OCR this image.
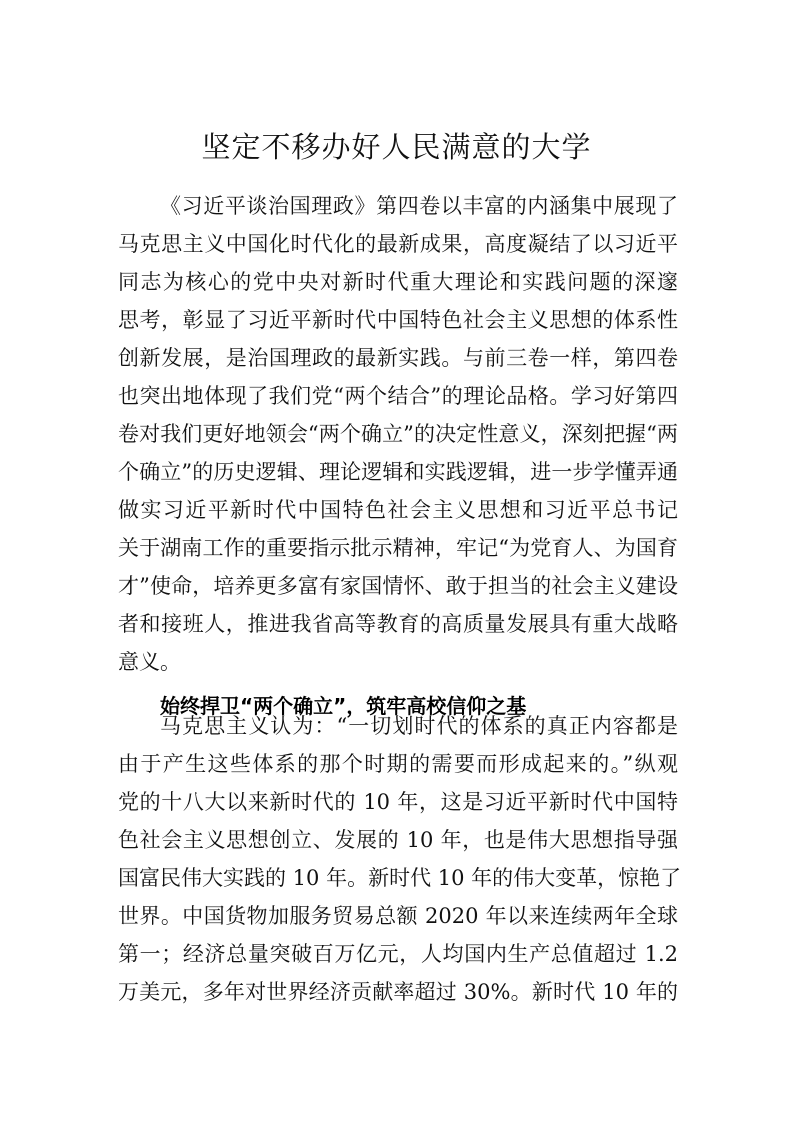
坚定不移办好人民满意的大学
《习近平谈治国理政》第四卷以丰富的内涵集中展现了
马克思主义中国化时代化的最新成果，高度凝结了以习近平
同志为核心的党中央对新时代重大理论和实践问题的深邃
思考，彰显了习近平新时代中国特色社会主义思想的体系性
创新发展，是治国理政的最新实践。与前三卷一样，第四卷
也突出地体现了我们党“两个结合”的理论品格。学习好第四
卷对我们更好地领会“两个确立”的决定性意义，深刻把握“两
个确立”的历史逻辑、理论逻辑和实践逻辑，进一步学懂弄通
做实习近平新时代中国特色社会主义思想和习近平总书记
关于湖南工作的重要指示批示精神，牢记“为党育人、为国育
才”使命，培养更多富有家国情怀、敢于担当的社会主义建设
者和接班人，推进我省高等教育的高质量发展具有重大战略
意义。
始终捍卫“两个确立”，筑牢高校信仰之基
马克思主义认为：“一切划时代的体系的真正内容都是
由于产生这些体系的那个时期的需要而形成起来的。”纵观
党的十八大以来新时代的 10 年，这是习近平新时代中国特
色社会主义思想创立、发展的 10 年，也是伟大思想指导强
国富民伟大实践的 10 年。新时代 10 年的伟大变革，惊艳了
世界。中国货物加服务贸易总额 2020 年以来连续两年全球
第一；经济总量突破百万亿元，人均国内生产总值超过 1.2
万美元，多年对世界经济贡献率超过 30%。新时代 10 年的
